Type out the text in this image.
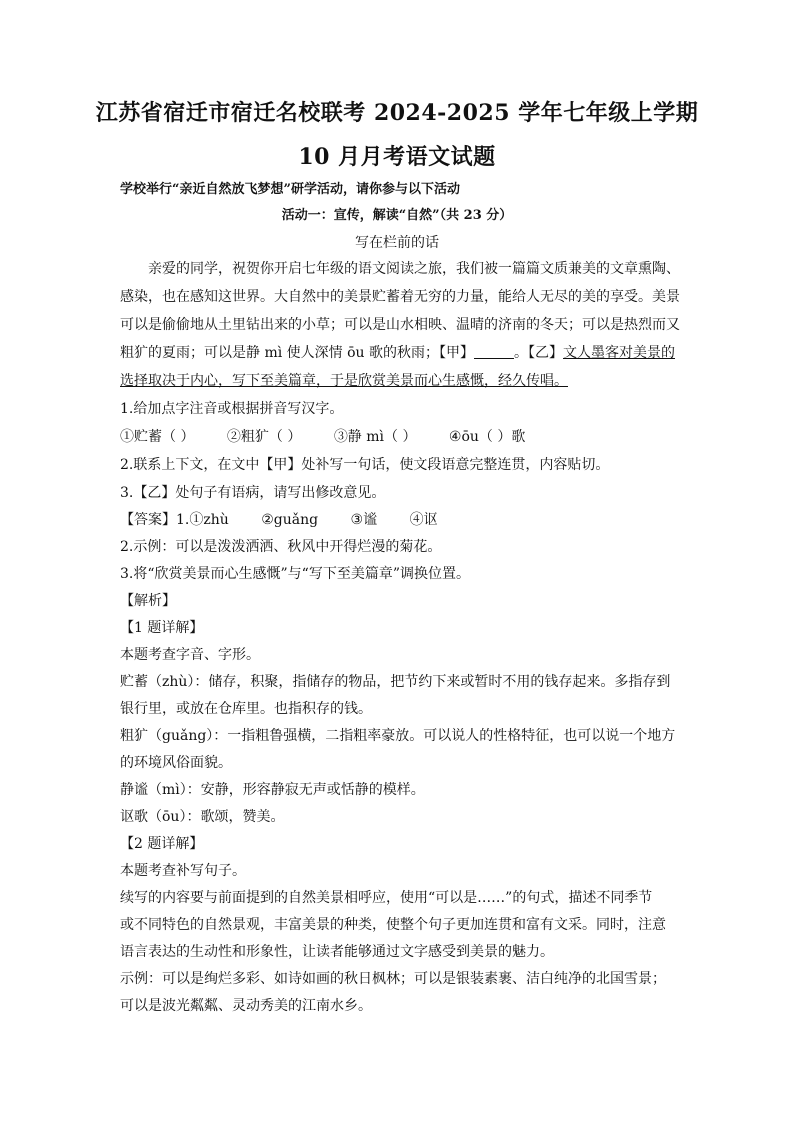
江苏省宿迁市宿迁名校联考 2024-2025 学年七年级上学期
10 月月考语文试题
学校举行“亲近自然放飞梦想”研学活动，请你参与以下活动
活动一：宣传，解读“自然”（共 23 分）
写在栏前的话
亲爱的同学，祝贺你开启七年级的语文阅读之旅，我们被一篇篇文质兼美的文章熏陶、
感染，也在感知这世界。大自然中的美景贮蓄着无穷的力量，能给人无尽的美的享受。美景
可以是偷偷地从土里钻出来的小草；可以是山水相映、温晴的济南的冬天；可以是热烈而又
粗犷的夏雨；可以是静 mì 使人深情 ōu 歌的秋雨；【甲】	。【乙】文人墨客对美景的
选择取决于内心，写下至美篇章，于是欣赏美景而心生感慨，经久传唱。
1.给加点字注音或根据拼音写汉字。
①贮蓄（ ） ②粗犷（ ） ③静 mì（ ） ④ōu（ ）歌
2.联系上下文，在文中【甲】处补写一句话，使文段语意完整连贯，内容贴切。
3.【乙】处句子有语病，请写出修改意见。
【答案】1.①zhù ②guǎng ③谧 ④讴
2.示例：可以是泼泼洒洒、秋风中开得烂漫的菊花。
3.将“欣赏美景而心生感慨”与“写下至美篇章”调换位置。
【解析】
【1 题详解】
本题考查字音、字形。
贮蓄（zhù）：储存，积聚，指储存的物品，把节约下来或暂时不用的钱存起来。多指存到
银行里，或放在仓库里。也指积存的钱。
粗犷（guǎng）：一指粗鲁强横，二指粗率豪放。可以说人的性格特征，也可以说一个地方
的环境风俗面貌。
静谧（mì）：安静，形容静寂无声或恬静的模样。
讴歌（ōu）：歌颂，赞美。
【2 题详解】
本题考查补写句子。
续写的内容要与前面提到的自然美景相呼应，使用“可以是……”的句式，描述不同季节
或不同特色的自然景观，丰富美景的种类，使整个句子更加连贯和富有文采。同时，注意
语言表达的生动性和形象性，让读者能够通过文字感受到美景的魅力。
示例：可以是绚烂多彩、如诗如画的秋日枫林；可以是银装素裹、洁白纯净的北国雪景；
可以是波光粼粼、灵动秀美的江南水乡。
